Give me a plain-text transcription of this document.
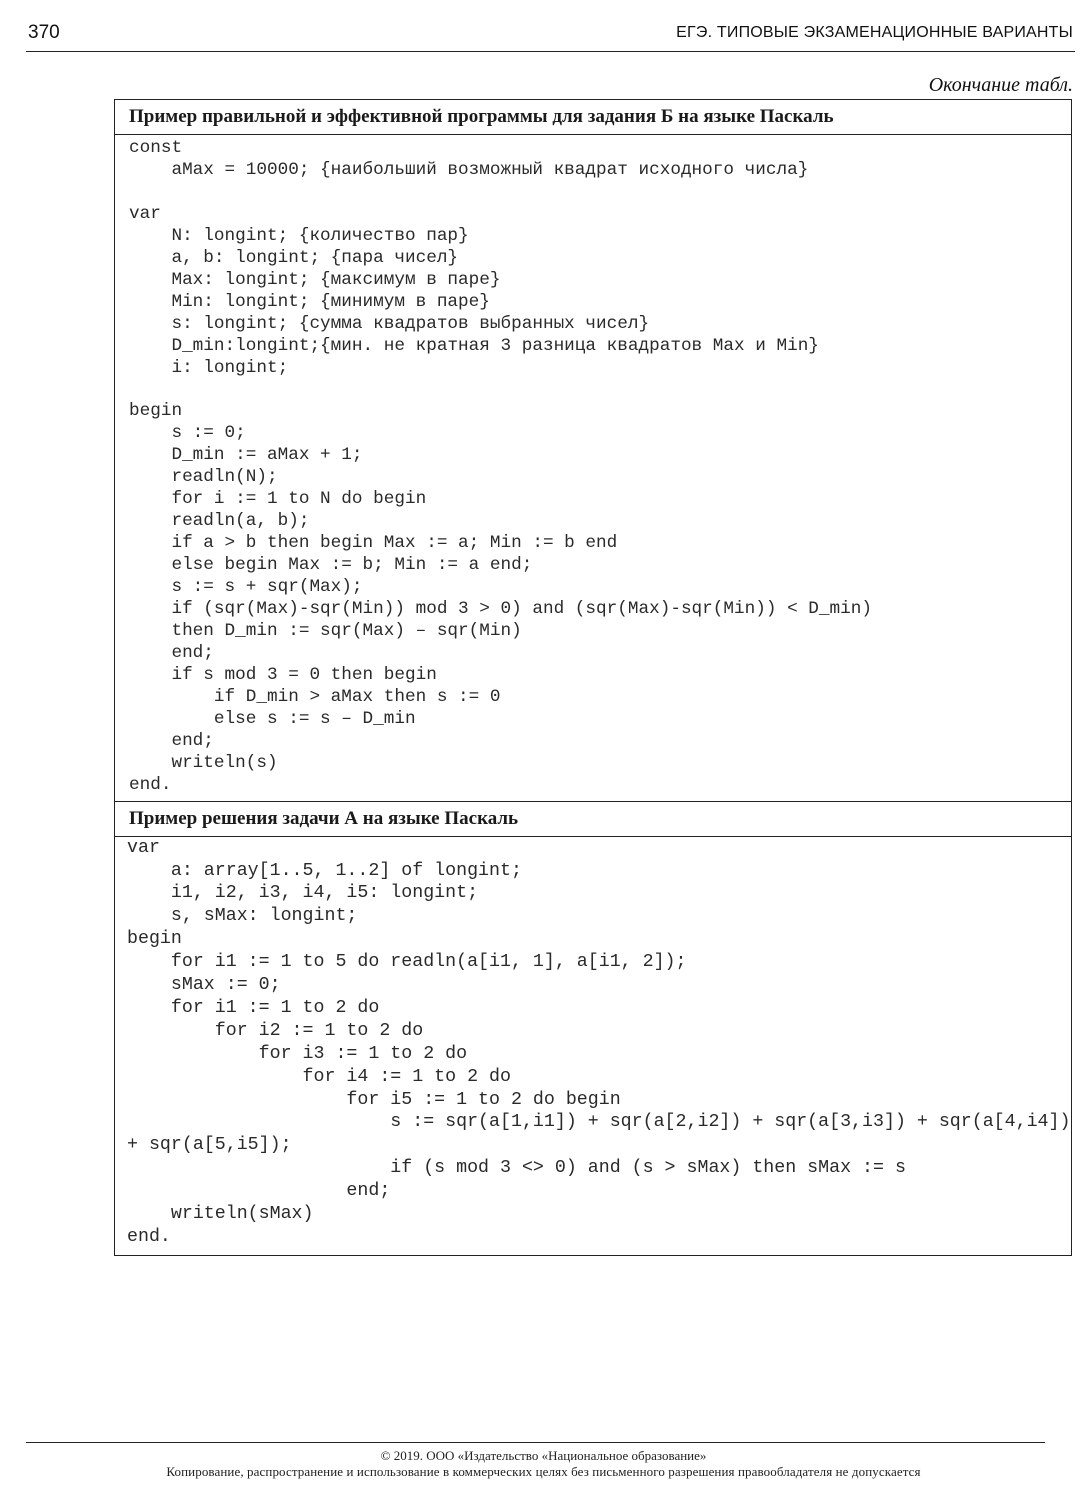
370	ЕГЭ. ТИПОВЫЕ ЭКЗАМЕНАЦИОННЫЕ ВАРИАНТЫ
Окончание табл.
Пример правильной и эффективной программы для задания Б на языке Паскаль
const
aMax = 10000; {наибольший возможный квадрат исходного числа}

var
N: longint; {количество пар}
a, b: longint; {пара чисел}
Max: longint; {максимум в паре}
Min: longint; {минимум в паре}
s: longint; {сумма квадратов выбранных чисел}
D_min:longint;{мин. не кратная 3 разница квадратов Max и Min}
i: longint;

begin
s := 0;
D_min := aMax + 1;
readln(N);
for i := 1 to N do begin
readln(a, b);
if a > b then begin Max := a; Min := b end
else begin Max := b; Min := a end;
s := s + sqr(Max);
if (sqr(Max)-sqr(Min)) mod 3 > 0) and (sqr(Max)-sqr(Min)) < D_min)
then D_min := sqr(Max) – sqr(Min)
end;
if s mod 3 = 0 then begin
if D_min > aMax then s := 0
else s := s – D_min
end;
writeln(s)
end.
Пример решения задачи А на языке Паскаль
var
a: array[1..5, 1..2] of longint;
i1, i2, i3, i4, i5: longint;
s, sMax: longint;
begin
for i1 := 1 to 5 do readln(a[i1, 1], a[i1, 2]);
sMax := 0;
for i1 := 1 to 2 do
for i2 := 1 to 2 do
for i3 := 1 to 2 do
for i4 := 1 to 2 do
for i5 := 1 to 2 do begin
s := sqr(a[1,i1]) + sqr(a[2,i2]) + sqr(a[3,i3]) + sqr(a[4,i4])
+ sqr(a[5,i5]);
if (s mod 3 <> 0) and (s > sMax) then sMax := s
end;
writeln(sMax)
end.
© 2019. ООО «Издательство «Национальное образование»
Копирование, распространение и использование в коммерческих целях без письменного разрешения правообладателя не допускается
